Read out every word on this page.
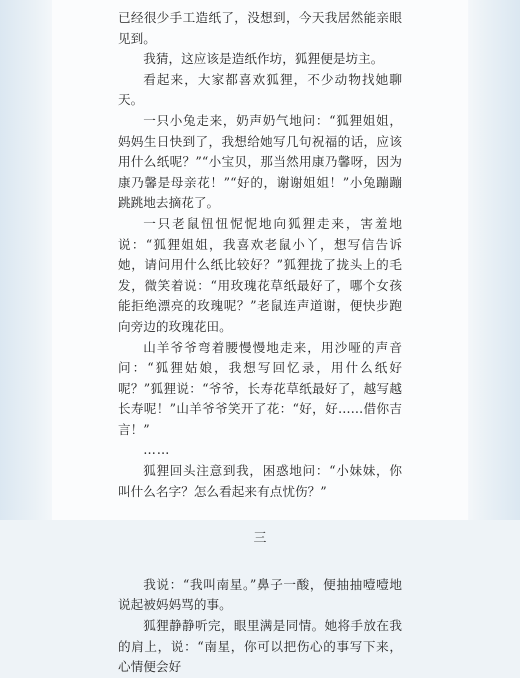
已经很少手工造纸了，没想到，今天我居然能亲眼见到。

我猜，这应该是造纸作坊，狐狸便是坊主。

看起来，大家都喜欢狐狸，不少动物找她聊天。

一只小兔走来，奶声奶气地问：“狐狸姐姐，妈妈生日快到了，我想给她写几句祝福的话，应该用什么纸呢？”“小宝贝，那当然用康乃馨呀，因为康乃馨是母亲花！”“好的，谢谢姐姐！”小兔蹦蹦跳跳地去摘花了。

一只老鼠忸忸怩怩地向狐狸走来，害羞地说：“狐狸姐姐，我喜欢老鼠小丫，想写信告诉她，请问用什么纸比较好？”狐狸拢了拢头上的毛发，微笑着说：“用玫瑰花草纸最好了，哪个女孩能拒绝漂亮的玫瑰呢？”老鼠连声道谢，便快步跑向旁边的玫瑰花田。

山羊爷爷弯着腰慢慢地走来，用沙哑的声音问：“狐狸姑娘，我想写回忆录，用什么纸好呢？”狐狸说：“爷爷，长寿花草纸最好了，越写越长寿呢！”山羊爷爷笑开了花：“好，好……借你吉言！”

……

狐狸回头注意到我，困惑地问：“小妹妹，你叫什么名字？怎么看起来有点忧伤？”

三

我说：“我叫南星。”鼻子一酸，便抽抽噎噎地说起被妈妈骂的事。

狐狸静静听完，眼里满是同情。她将手放在我的肩上，说：“南星，你可以把伤心的事写下来，心情便会好
